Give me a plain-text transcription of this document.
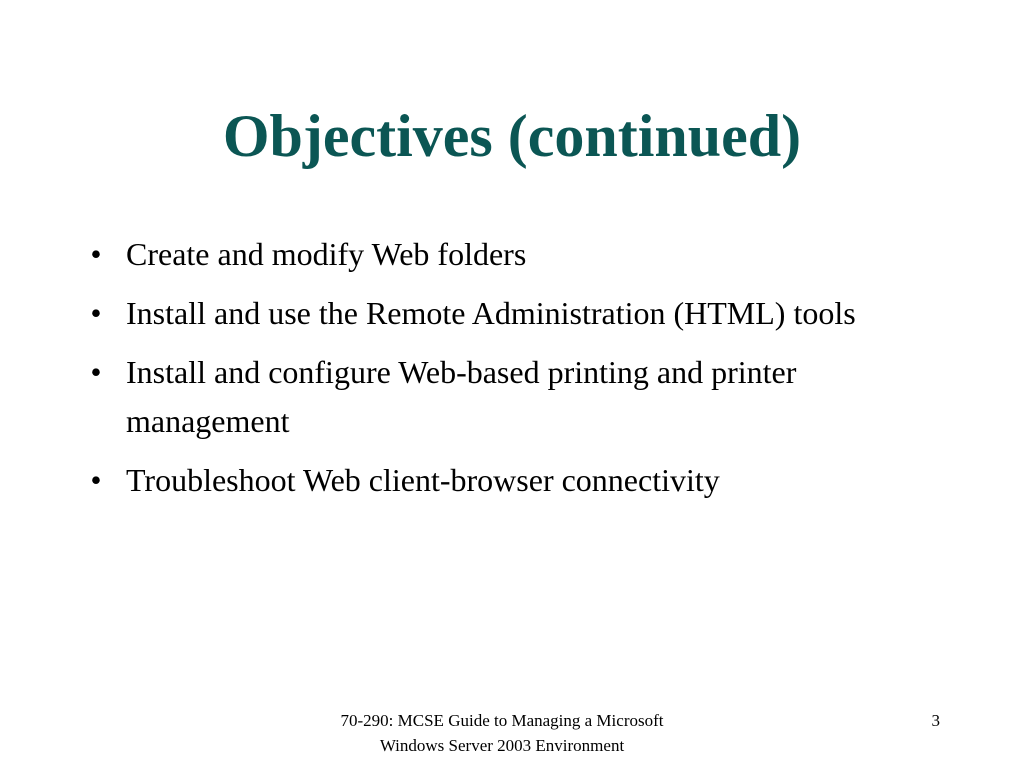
Objectives (continued)
• Create and modify Web folders
• Install and use the Remote Administration (HTML) tools
• Install and configure Web-based printing and printer management
• Troubleshoot Web client-browser connectivity

70-290: MCSE Guide to Managing a Microsoft
Windows Server 2003 Environment

3
